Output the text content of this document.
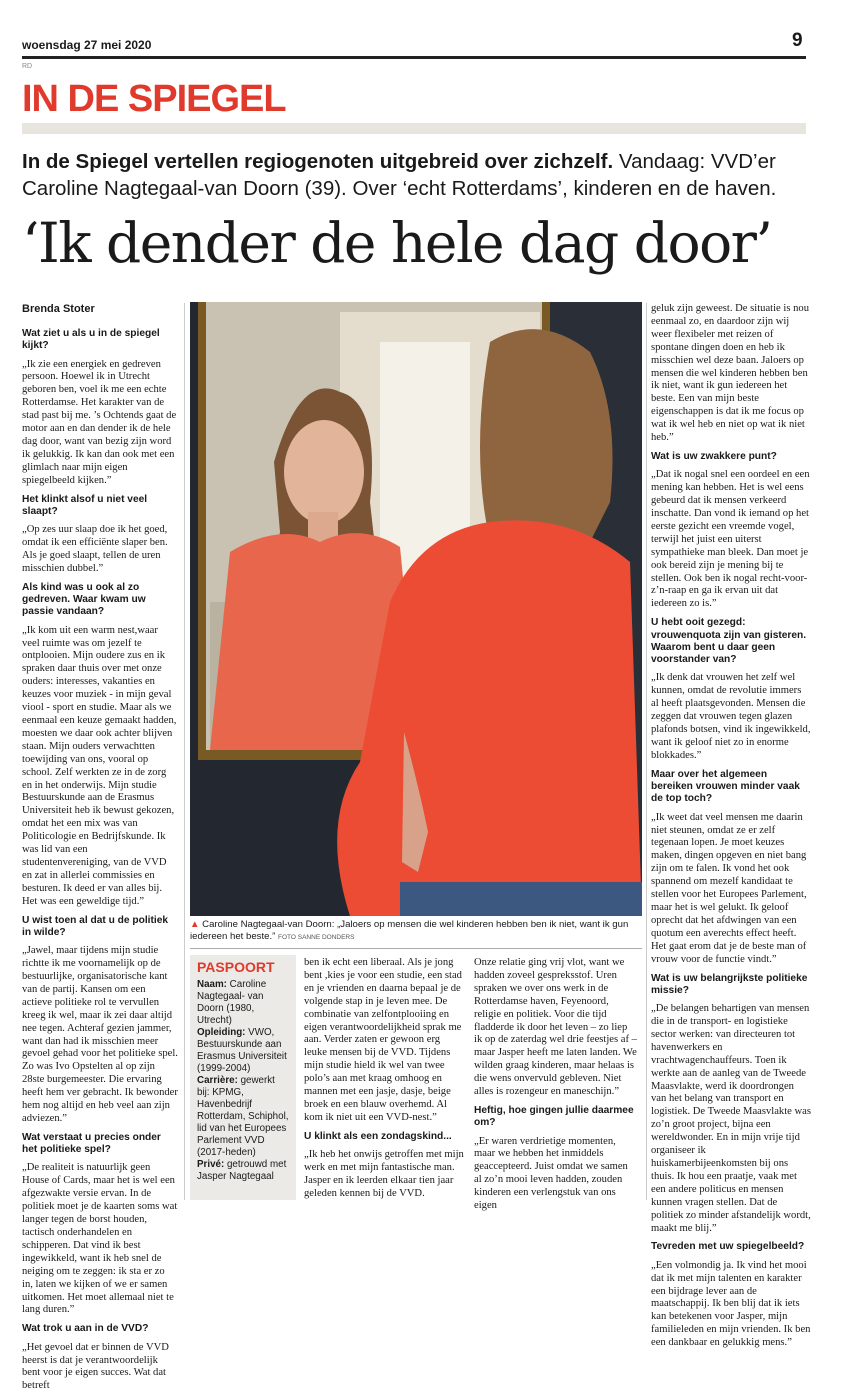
woensdag 27 mei 2020	9
RD
IN DE SPIEGEL
In de Spiegel vertellen regiogenoten uitgebreid over zichzelf. Vandaag: VVD’er Caroline Nagtegaal-van Doorn (39). Over ‘echt Rotterdams’, kinderen en de haven.
‘Ik dender de hele dag door’
Brenda Stoter

Wat ziet u als u in de spiegel kijkt?

„Ik zie een energiek en gedreven persoon. Hoewel ik in Utrecht geboren ben, voel ik me een echte Rotterdamse. Het karakter van de stad past bij me. ’s Ochtends gaat de motor aan en dan dender ik de hele dag door, want van bezig zijn word ik gelukkig. Ik kan dan ook met een glimlach naar mijn eigen spiegelbeeld kijken.”

Het klinkt alsof u niet veel slaapt?

„Op zes uur slaap doe ik het goed, omdat ik een efficiënte slaper ben. Als je goed slaapt, tellen de uren misschien dubbel.”

Als kind was u ook al zo gedreven. Waar kwam uw passie vandaan?

„Ik kom uit een warm nest,waar veel ruimte was om jezelf te ontplooien. Mijn oudere zus en ik spraken daar thuis over met onze ouders: interesses, vakanties en keuzes voor muziek - in mijn geval viool - sport en studie. Maar als we eenmaal een keuze gemaakt hadden, moesten we daar ook achter blijven staan. Mijn ouders verwachtten toewijding van ons, vooral op school. Zelf werkten ze in de zorg en in het onderwijs. Mijn studie Bestuurskunde aan de Erasmus Universiteit heb ik bewust gekozen, omdat het een mix was van Politicologie en Bedrijfskunde. Ik was lid van een studentenvereniging, van de VVD en zat in allerlei commissies en besturen. Ik deed er van alles bij. Het was een geweldige tijd.”

U wist toen al dat u de politiek in wilde?

„Jawel, maar tijdens mijn studie richtte ik me voornamelijk op de bestuurlijke, organisatorische kant van de partij. Kansen om een actieve politieke rol te vervullen kreeg ik wel, maar ik zei daar altijd nee tegen. Achteraf gezien jammer, want dan had ik misschien meer gevoel gehad voor het politieke spel. Zo was Ivo Opstelten al op zijn 28ste burgemeester. Die ervaring heeft hem ver gebracht. Ik bewonder hem nog altijd en heb veel aan zijn adviezen.”

Wat verstaat u precies onder het politieke spel?

„De realiteit is natuurlijk geen House of Cards, maar het is wel een afgezwakte versie ervan. In de politiek moet je de kaarten soms wat langer tegen de borst houden, tactisch onderhandelen en schipperen. Dat vind ik best ingewikkeld, want ik heb snel de neiging om te zeggen: ik sta er zo in, laten we kijken of we er samen uitkomen. Het moet allemaal niet te lang duren.”

Wat trok u aan in de VVD?

„Het gevoel dat er binnen de VVD heerst is dat je verantwoordelijk bent voor je eigen succes. Wat dat betreft

▲ Caroline Nagtegaal-van Doorn: „Jaloers op mensen die wel kinderen hebben ben ik niet, want ik gun iedereen het beste.” FOTO SANNE DONDERS
PASPOORT

Naam: Caroline Nagtegaal- van Doorn (1980, Utrecht)

Opleiding: VWO, Bestuurskunde aan Erasmus Universiteit (1999-2004)

Carrière: gewerkt bij: KPMG, Havenbedrijf Rotterdam, Schiphol, lid van het Europees Parlement VVD (2017-heden)

Privé: getrouwd met Jasper Nagtegaal

ben ik echt een liberaal. Als je jong bent ,kies je voor een studie, een stad en je vrienden en daarna bepaal je de volgende stap in je leven mee. De combinatie van zelfontplooiing en eigen verantwoordelijkheid sprak me aan. Verder zaten er gewoon erg leuke mensen bij de VVD. Tijdens mijn studie hield ik wel van twee polo’s aan met kraag omhoog en mannen met een jasje, dasje, beige broek en een blauw overhemd. Al kom ik niet uit een VVD-nest.”

U klinkt als een zondagskind...

„Ik heb het onwijs getroffen met mijn werk en met mijn fantastische man. Jasper en ik leerden elkaar tien jaar geleden kennen bij de VVD.

Onze relatie ging vrij vlot, want we hadden zoveel gespreksstof. Uren spraken we over ons werk in de Rotterdamse haven, Feyenoord, religie en politiek. Voor die tijd fladderde ik door het leven – zo liep ik op de zaterdag wel drie feestjes af – maar Jasper heeft me laten landen. We wilden graag kinderen, maar helaas is die wens onvervuld gebleven. Niet alles is rozengeur en maneschijn.”

Heftig, hoe gingen jullie daarmee om?

„Er waren verdrietige momenten, maar we hebben het inmiddels geaccepteerd. Juist omdat we samen al zo’n mooi leven hadden, zouden kinderen een verlengstuk van ons eigen

geluk zijn geweest. De situatie is nou eenmaal zo, en daardoor zijn wij weer flexibeler met reizen of spontane dingen doen en heb ik misschien wel deze baan. Jaloers op mensen die wel kinderen hebben ben ik niet, want ik gun iedereen het beste. Een van mijn beste eigenschappen is dat ik me focus op wat ik wel heb en niet op wat ik niet heb.”

Wat is uw zwakkere punt?

„Dat ik nogal snel een oordeel en een mening kan hebben. Het is wel eens gebeurd dat ik mensen verkeerd inschatte. Dan vond ik iemand op het eerste gezicht een vreemde vogel, terwijl het juist een uiterst sympathieke man bleek. Dan moet je ook bereid zijn je mening bij te stellen. Ook ben ik nogal recht-voor-z’n-raap en ga ik ervan uit dat iedereen zo is.”

U hebt ooit gezegd: vrouwenquota zijn van gisteren. Waarom bent u daar geen voorstander van?

„Ik denk dat vrouwen het zelf wel kunnen, omdat de revolutie immers al heeft plaatsgevonden. Mensen die zeggen dat vrouwen tegen glazen plafonds botsen, vind ik ingewikkeld, want ik geloof niet zo in enorme blokkades.”

Maar over het algemeen bereiken vrouwen minder vaak de top toch?

„Ik weet dat veel mensen me daarin niet steunen, omdat ze er zelf tegenaan lopen. Je moet keuzes maken, dingen opgeven en niet bang zijn om te falen. Ik vond het ook spannend om mezelf kandidaat te stellen voor het Europees Parlement, maar het is wel gelukt. Ik geloof oprecht dat het afdwingen van een quotum een averechts effect heeft. Het gaat erom dat je de beste man of vrouw voor de functie vindt.”

Wat is uw belangrijkste politieke missie?

„De belangen behartigen van mensen die in de transport- en logistieke sector werken: van directeuren tot havenwerkers en vrachtwagenchauffeurs. Toen ik werkte aan de aanleg van de Tweede Maasvlakte, werd ik doordrongen van het belang van transport en logistiek. De Tweede Maasvlakte was zo’n groot project, bijna een wereldwonder. En in mijn vrije tijd organiseer ik huiskamerbijeenkomsten bij ons thuis. Ik hou een praatje, vaak met een andere politicus en mensen kunnen vragen stellen. Dat de politiek zo minder afstandelijk wordt, maakt me blij.”

Tevreden met uw spiegelbeeld?

„Een volmondig ja. Ik vind het mooi dat ik met mijn talenten en karakter een bijdrage lever aan de maatschappij. Ik ben blij dat ik iets kan betekenen voor Jasper, mijn familieleden en mijn vrienden. Ik ben een dankbaar en gelukkig mens.”
